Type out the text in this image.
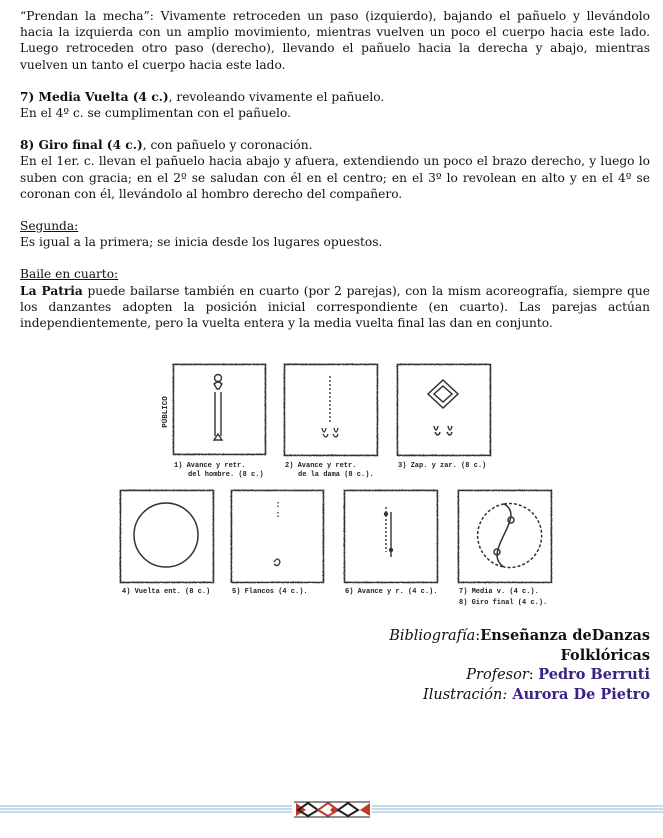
“Prendan la mecha”: Vivamente retroceden un paso (izquierdo), bajando el pañuelo y llevándolo hacia la izquierda con un amplio movimiento, mientras vuelven un poco el cuerpo hacia este lado. Luego retroceden otro paso (derecho), llevando el pañuelo hacia la derecha y abajo, mientras vuelven un tanto el cuerpo hacia este lado.

7) Media Vuelta (4 c.), revoleando vivamente el pañuelo.
En el 4º c. se cumplimentan con el pañuelo.

8) Giro final (4 c.), con pañuelo y coronación.
En el 1er. c. llevan el pañuelo hacia abajo y afuera, extendiendo un poco el brazo derecho, y luego lo suben con gracia; en el 2º se saludan con él en el centro; en el 3º lo revolean en alto y en el 4º se coronan con él, llevándolo al hombro derecho del compañero.

Segunda:
Es igual a la primera; se inicia desde los lugares opuestos.

Baile en cuarto:
La Patria puede bailarse también en cuarto (por 2 parejas), con la mism acoreografía, siempre que los danzantes adopten la posición inicial correspondiente (en cuarto). Las parejas actúan independientemente, pero la vuelta entera y la media vuelta final las dan en conjunto.

PÚBLICO
1) Avance y retr.
del hombre. (8 c.)
2) Avance y retr.
de la dama (8 c.).
3) Zap. y zar. (8 c.)
4) Vuelta ent. (8 c.)	5) Flancos (4 c.).	6) Avance y r. (4 c.).	7) Media v. (4 c.).
8) Giro final (4 c.).
Bibliografía:Enseñanza deDanzas
Folklóricas
Profesor: Pedro Berruti
Ilustración: Aurora De Pietro
